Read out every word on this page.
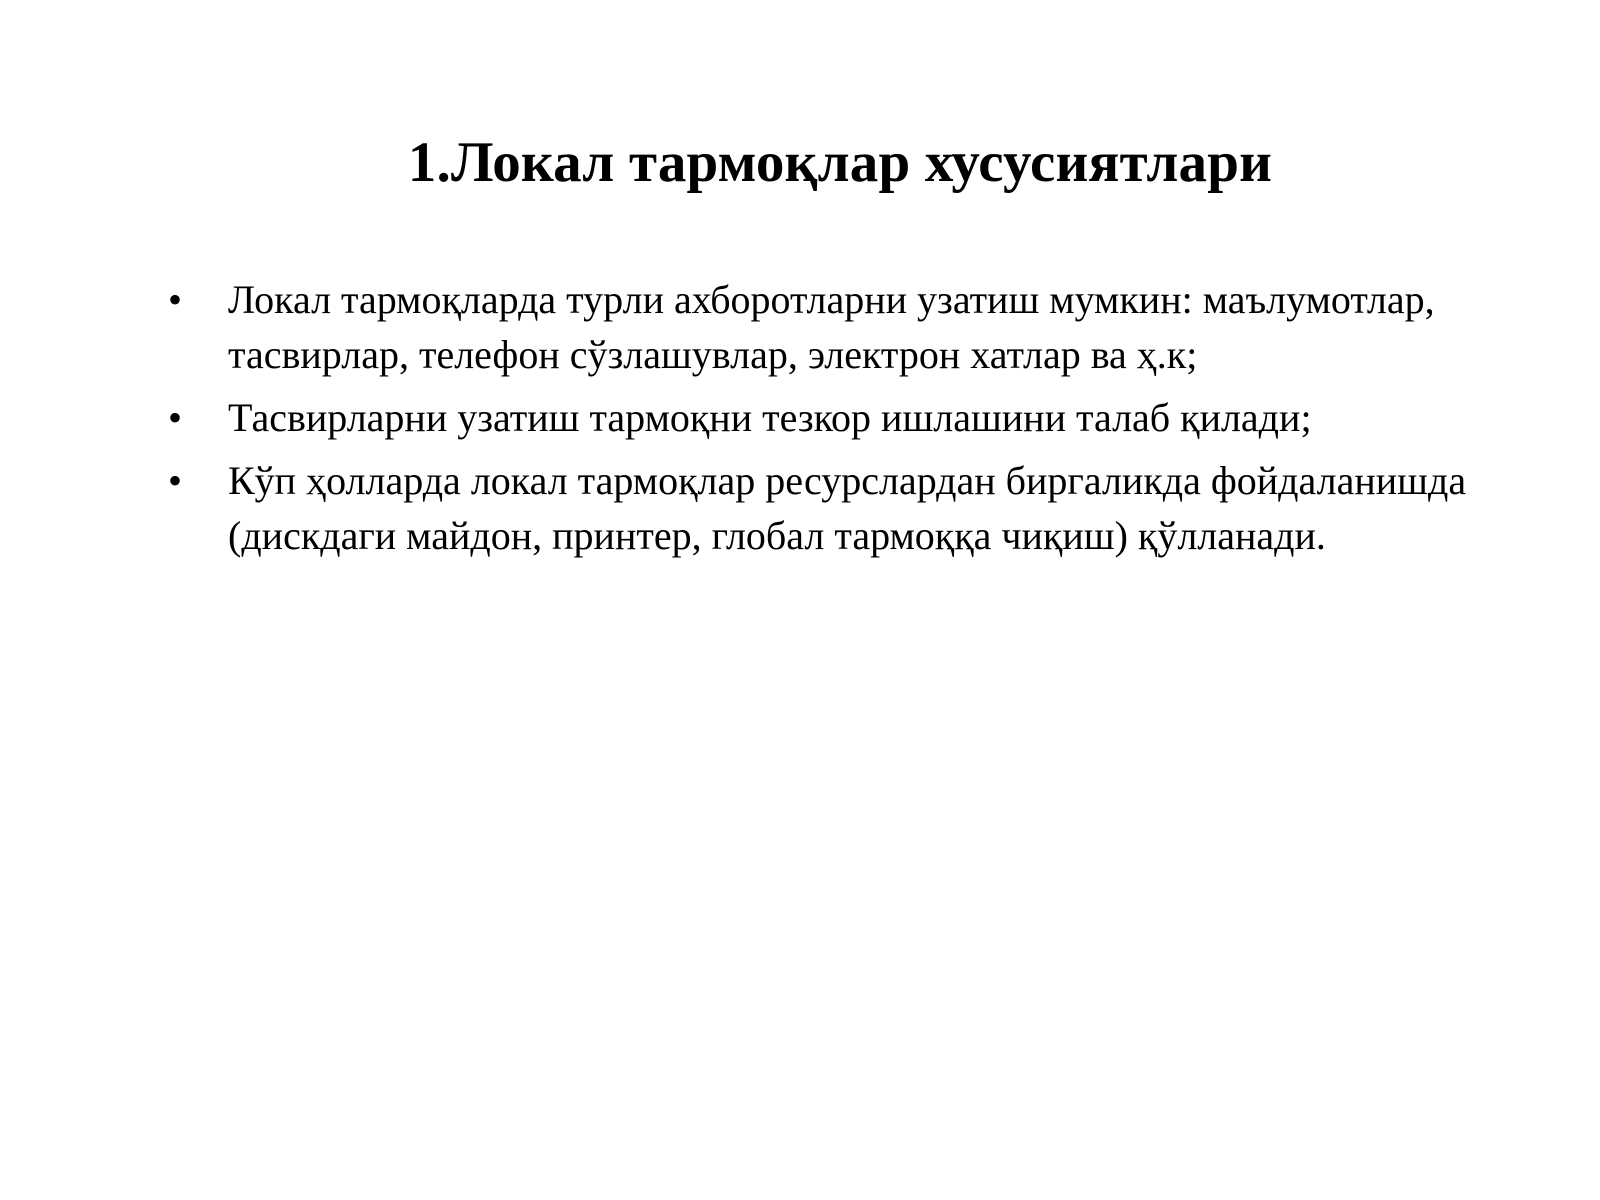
1.Локал тармоқлар хусусиятлари
• Локал тармоқларда турли ахборотларни узатиш мумкин: маълумотлар, тасвирлар, телефон сўзлашувлар, электрон хатлар ва ҳ.к;
• Тасвирларни узатиш тармоқни тезкор ишлашини талаб қилади;
• Кўп ҳолларда локал тармоқлар ресурслардан биргаликда фойдаланишда (дискдаги майдон, принтер, глобал тармоққа чиқиш) қўлланади.
